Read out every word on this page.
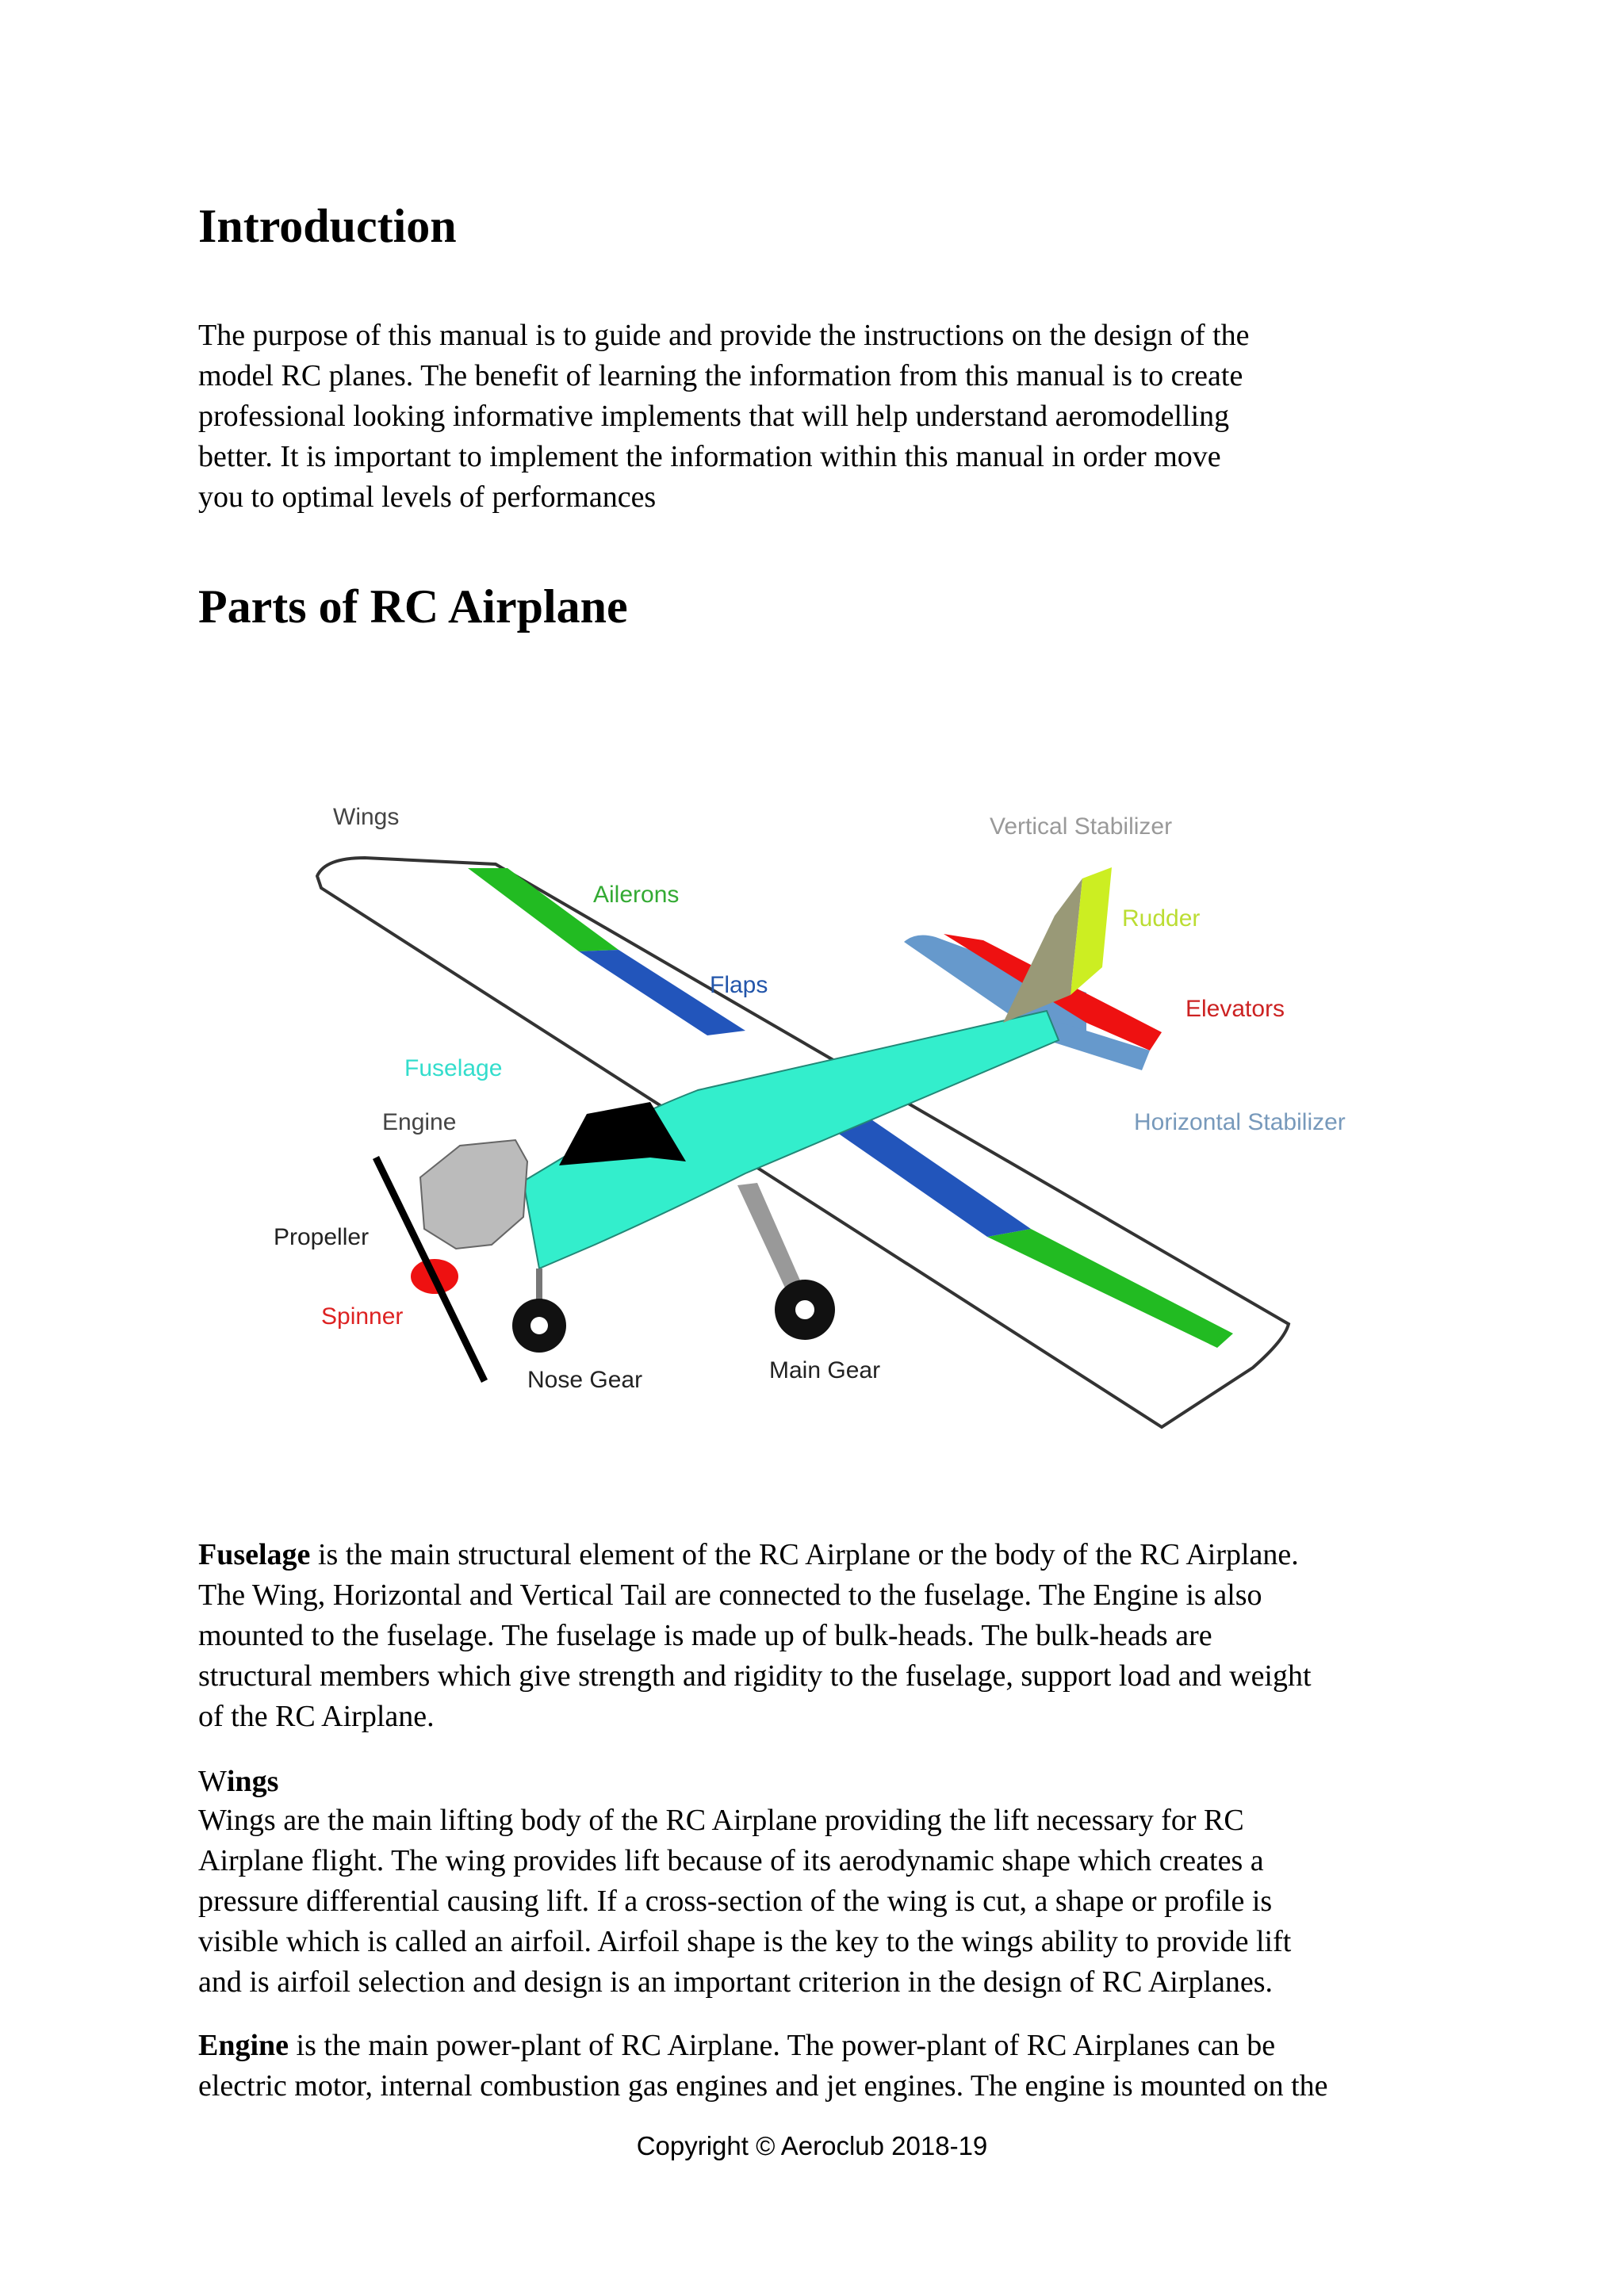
Introduction

The purpose of this manual is to guide and provide the instructions on the design of the
model RC planes. The benefit of learning the information from this manual is to create
professional looking informative implements that will help understand aeromodelling
better. It is important to implement the information within this manual in order move
you to optimal levels of performances

Parts of RC Airplane
Wings
Ailerons
Flaps
Fuselage
Engine
Propeller
Spinner
Nose Gear	Main Gear
Vertical Stabilizer
Rudder
Elevators
Horizontal Stabilizer

Fuselage is the main structural element of the RC Airplane or the body of the RC Airplane.
The Wing, Horizontal and Vertical Tail are connected to the fuselage. The Engine is also
mounted to the fuselage. The fuselage is made up of bulk-heads. The bulk-heads are
structural members which give strength and rigidity to the fuselage, support load and weight
of the RC Airplane.

Wings

Wings are the main lifting body of the RC Airplane providing the lift necessary for RC
Airplane flight. The wing provides lift because of its aerodynamic shape which creates a
pressure differential causing lift. If a cross-section of the wing is cut, a shape or profile is
visible which is called an airfoil. Airfoil shape is the key to the wings ability to provide lift
and is airfoil selection and design is an important criterion in the design of RC Airplanes.

Engine is the main power-plant of RC Airplane. The power-plant of RC Airplanes can be
electric motor, internal combustion gas engines and jet engines. The engine is mounted on the

Copyright © Aeroclub 2018-19
